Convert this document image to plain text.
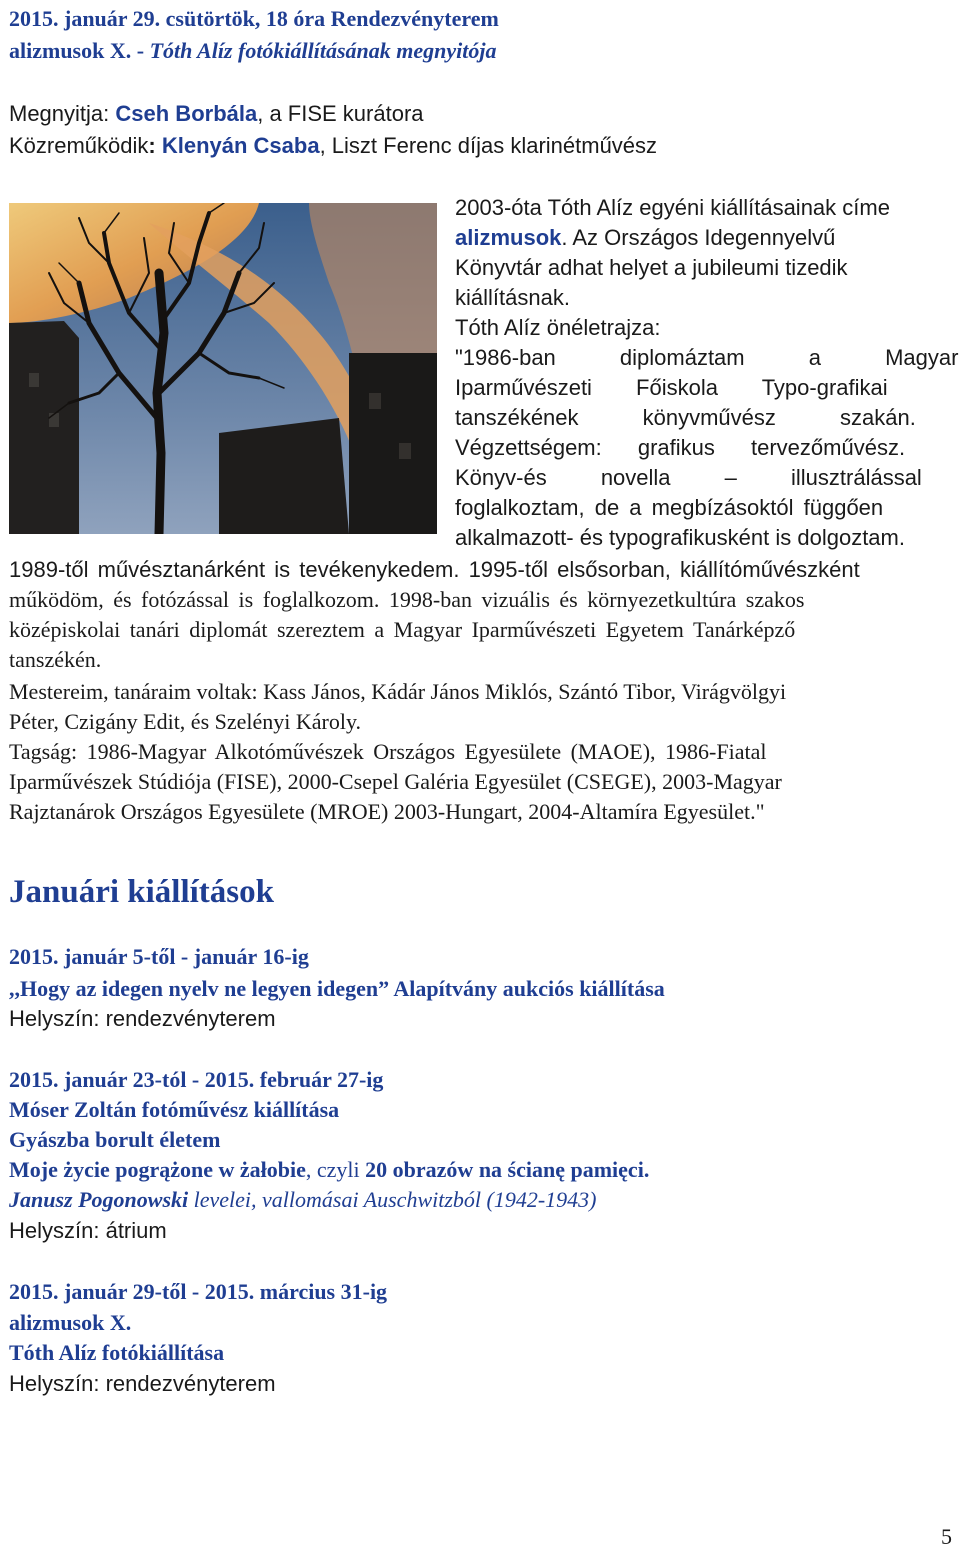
2015. január 29. csütörtök, 18 óra Rendezvényterem
alizmusok X. - Tóth Alíz fotókiállításának megnyitója
Megnyitja: Cseh Borbála, a FISE kurátora
Közreműködik: Klenyán Csaba, Liszt Ferenc díjas klarinétművész
2003-óta Tóth Alíz egyéni kiállításainak címe
alizmusok. Az Országos Idegennyelvű
Könyvtár adhat helyet a jubileumi tizedik
kiállításnak.
Tóth Alíz önéletrajza:
"1986-ban diplomáztam a Magyar
Iparművészeti Főiskola Typo-grafikai
tanszékének könyvművész szakán.
Végzettségem: grafikus tervezőművész.
Könyv-és novella – illusztrálással
foglalkoztam, de a megbízásoktól függően
alkalmazott- és typografikusként is dolgoztam.
1989-től művésztanárként is tevékenykedem. 1995-től elsősorban, kiállítóművészként
működöm, és fotózással is foglalkozom. 1998-ban vizuális és környezetkultúra szakos
középiskolai tanári diplomát szereztem a Magyar Iparművészeti Egyetem Tanárképző
tanszékén.
Mestereim, tanáraim voltak: Kass János, Kádár János Miklós, Szántó Tibor, Virágvölgyi
Péter, Czigány Edit, és Szelényi Károly.
Tagság: 1986-Magyar Alkotóművészek Országos Egyesülete (MAOE), 1986-Fiatal
Iparművészek Stúdiója (FISE), 2000-Csepel Galéria Egyesület (CSEGE), 2003-Magyar
Rajztanárok Országos Egyesülete (MROE) 2003-Hungart, 2004-Altamíra Egyesület."
Januári kiállítások
2015. január 5-től - január 16-ig
,,Hogy az idegen nyelv ne legyen idegen” Alapítvány aukciós kiállítása
Helyszín: rendezvényterem
2015. január 23-tól - 2015. február 27-ig
Móser Zoltán fotóművész kiállítása
Gyászba borult életem
Moje życie pogrążone w żałobie, czyli 20 obrazów na ścianę pamięci.
Janusz Pogonowski levelei, vallomásai Auschwitzból (1942-1943)
Helyszín: átrium
2015. január 29-től - 2015. március 31-ig
alizmusok X.
Tóth Alíz fotókiállítása
Helyszín: rendezvényterem
5
